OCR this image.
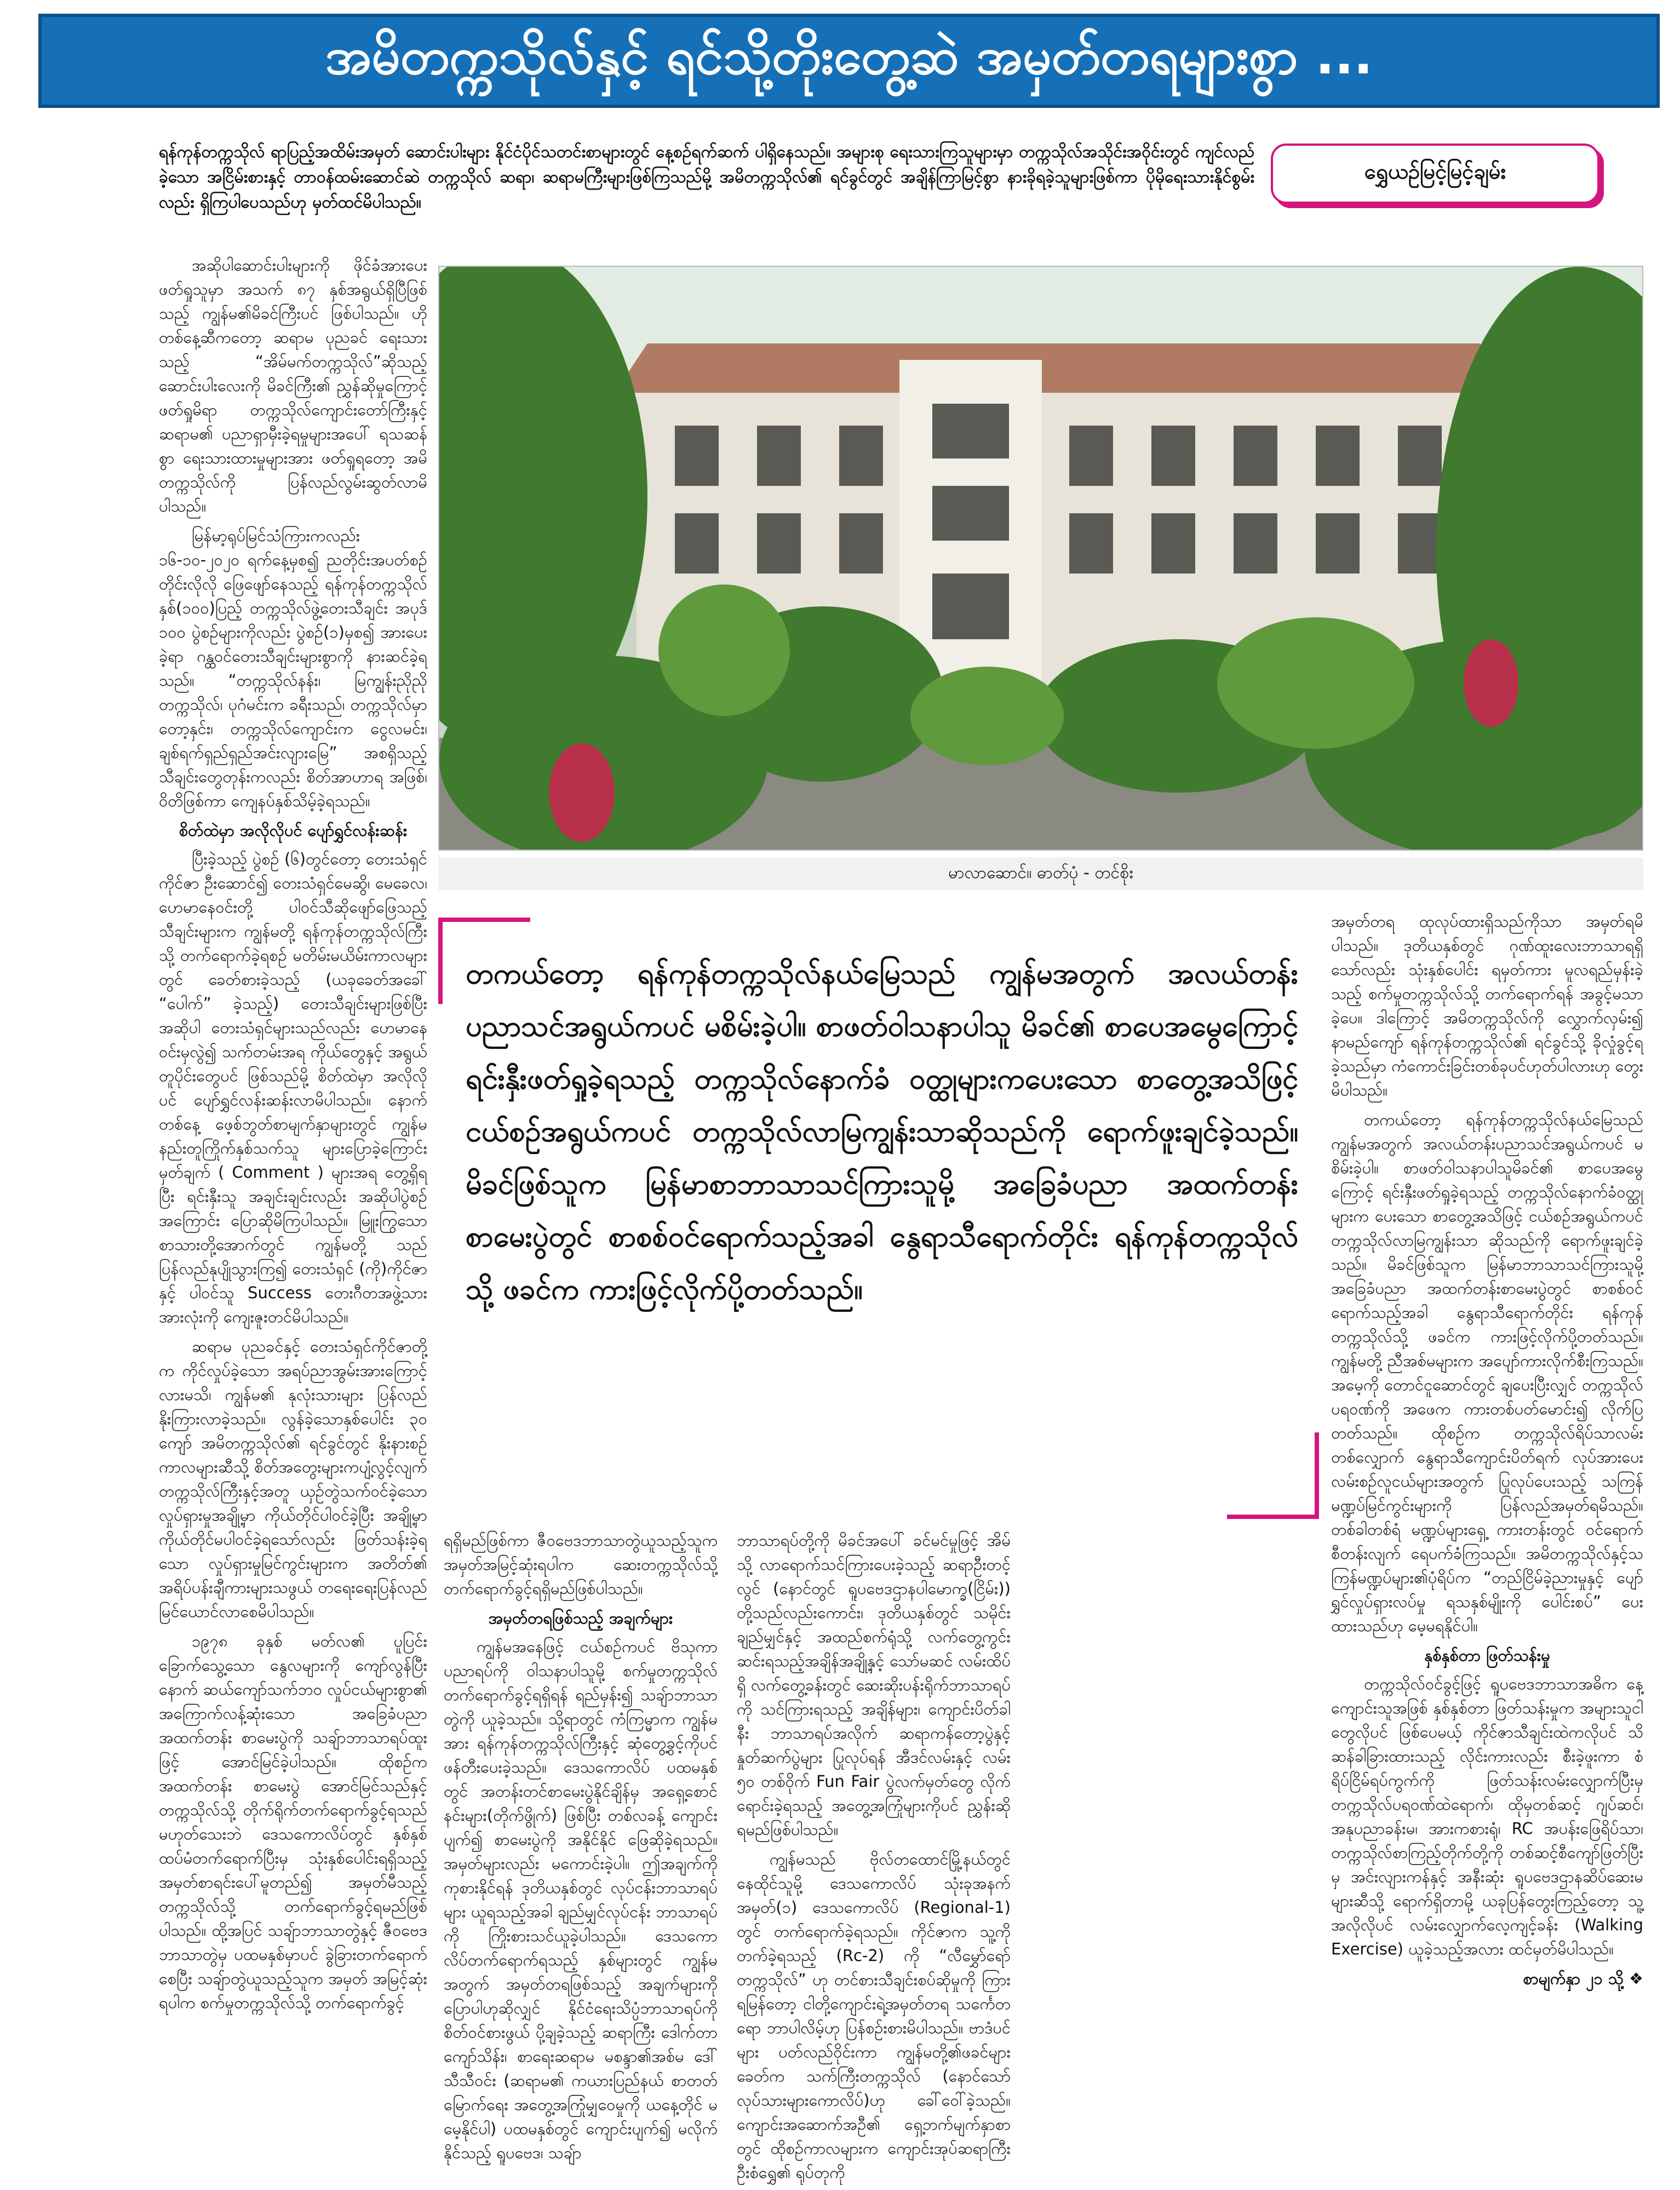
အမိတက္ကသိုလ်နှင့် ရင်သို့တိုးတွေ့ဆဲ အမှတ်တရများစွာ ...
ရန်ကုန်တက္ကသိုလ် ရာပြည့်အထိမ်းအမှတ် ဆောင်းပါးများ နိုင်ငံပိုင်သတင်းစာများတွင် နေ့စဉ်ရက်ဆက် ပါရှိနေသည်။ အများစု ရေးသားကြသူများမှာ တက္ကသိုလ်အသိုင်းအဝိုင်းတွင် ကျင်လည်ခဲ့သော အငြိမ်းစားနှင့် တာဝန်ထမ်းဆောင်ဆဲ တက္ကသိုလ် ဆရာ၊ ဆရာမကြီးများဖြစ်ကြသည်မို့ အမိတက္ကသိုလ်၏ ရင်ခွင်တွင် အချိန်ကြာမြင့်စွာ နားခိုရခဲ့သူများဖြစ်ကာ ပိုမိုရေးသားနိုင်စွမ်းလည်း ရှိကြပါပေသည်ဟု မှတ်ထင်မိပါသည်။
ရွှေယဉ်မြင့်မြင့်ချမ်း

အဆိုပါဆောင်းပါးများကို ဖိုင်ခံအားပေးဖတ်ရှုသူမှာ အသက် ၈၇ နှစ်အရွယ်ရှိပြီဖြစ်သည့် ကျွန်မ၏မိခင်ကြီးပင် ဖြစ်ပါသည်။ ဟိုတစ်နေ့ဆီကတော့ ဆရာမ ပုညခင် ရေးသားသည့် “အိမ်မက်တက္ကသိုလ်”ဆိုသည့် ဆောင်းပါးလေးကို မိခင်ကြီး၏ ညွှန်ဆိုမှုကြောင့် ဖတ်ရှုမိရာ တက္ကသိုလ်ကျောင်းတော်ကြီးနှင့် ဆရာမ၏ ပညာရှာမှီးခဲ့ရမှုများအပေါ် ရသဆန်စွာ ရေးသားထားမှုများအား ဖတ်ရှုရတော့ အမိတက္ကသိုလ်ကို ပြန်လည်လွမ်းဆွတ်လာမိပါသည်။

မြန်မာ့ရုပ်မြင်သံကြားကလည်း ၁၆-၁၀-၂၀၂၀ ရက်နေ့မှစ၍ ညတိုင်းအပတ်စဉ်တိုင်းလိုလို ဖြေဖျော်နေသည့် ရန်ကုန်တက္ကသိုလ်နှစ်(၁၀၀)ပြည့် တက္ကသိုလ်ဖွဲ့တေးသီချင်း အပုဒ် ၁၀၀ ပွဲစဉ်များကိုလည်း ပွဲစဉ်(၁)မှစ၍ အားပေးခဲ့ရာ ဂန္ထဝင်တေးသီချင်းများစွာကို နားဆင်ခဲ့ရသည်။ “တက္ကသိုလ်နန်း၊ မြကျွန်းညိုညိုတက္ကသိုလ်၊ ပုဂံမင်းက ခရီးသည်၊ တက္ကသိုလ်မှာ တော့နှင်း၊ တက္ကသိုလ်ကျောင်းက ငွေလမင်း၊ ချစ်ရက်ရှည်ရှည်အင်းလျားမြေ” အစရှိသည့် သီချင်းတွေတုန်းကလည်း စိတ်အာဟာရ အဖြစ်၊ ဝိတိဖြစ်ကာ ကျေနပ်နှစ်သိမ့်ခဲ့ရသည်။

စိတ်ထဲမှာ အလိုလိုပင် ပျော်ရွှင်လန်းဆန်း

ပြီးခဲ့သည့် ပွဲစဉ် (၆)တွင်တော့ တေးသံရှင်ကိုင်ဇာ ဦးဆောင်၍ တေးသံရှင်မေဆွိ၊ မေခေလ၊ ဟေမာနေဝင်းတို့ ပါဝင်သီဆိုဖျော်ဖြေသည့် သီချင်းများက ကျွန်မတို့ ရန်ကုန်တက္ကသိုလ်ကြီးသို့ တက်ရောက်ခဲ့ရစဉ် မတိမ်းမယိမ်းကာလများတွင် ခေတ်စားခဲ့သည့် (ယခုခေတ်အခေါ် “ပေါက်” ခဲ့သည့်) တေးသီချင်းများဖြစ်ပြီး အဆိုပါ တေးသံရှင်များသည်လည်း ဟေမာနေဝင်းမှလွဲ၍ သက်တမ်းအရ ကိုယ်တွေနှင့် အရွယ်တူပိုင်းတွေပင် ဖြစ်သည်မို့ စိတ်ထဲမှာ အလိုလိုပင် ပျော်ရွှင်လန်းဆန်းလာမိပါသည်။ နောက်တစ်နေ့ ဖေ့စ်ဘွတ်စာမျက်နှာများတွင် ကျွန်မနည်းတူကြိုက်နှစ်သက်သူ များပြောခဲ့ကြောင်း မှတ်ချက် ( Comment ) များအရ တွေ့ရှိရပြီး ရင်းနှီးသူ အချင်းချင်းလည်း အဆိုပါပွဲစဉ်အကြောင်း ပြောဆိုမိကြပါသည်။ မြူးကြွသောစာသားတို့အောက်တွင် ကျွန်မတို့ သည် ပြန်လည်နုပျိုသွားကြ၍ တေးသံရှင် (ကို)ကိုင်ဇာနှင့် ပါဝင်သူ Success တေးဂီတအဖွဲ့သားအားလုံးကို ကျေးဇူးတင်မိပါသည်။

ဆရာမ ပုညခင်နှင့် တေးသံရှင်ကိုင်ဇာတို့က ကိုင်လှုပ်ခဲ့သော အရပ်ညာအွမ်းအားကြောင့်လားမသိ၊ ကျွန်မ၏ နုလုံးသားများ ပြန်လည်နိုးကြားလာခဲ့သည်။ လွန်ခဲ့သောနှစ်ပေါင်း ၃၀ ကျော် အမိတက္ကသိုလ်၏ ရင်ခွင်တွင် နိုးနားစဉ်ကာလများဆီသို့ စိတ်အတွေးများကပျံ့လွင့်လျက် တက္ကသိုလ်ကြီးနှင့်အတူ ယှဉ်တွဲသက်ဝင်ခဲ့သော လှုပ်ရှားမှုအချို့မှာ ကိုယ်တိုင်ပါဝင်ခဲ့ပြီး အချို့မှာ ကိုယ်တိုင်မပါဝင်ခဲ့ရသော်လည်း ဖြတ်သန်းခဲ့ရသော လှုပ်ရှားမှုမြင်ကွင်းများက အတိတ်၏ အရိပ်ပန်းချီကားများသဖွယ် တရေးရေးပြန်လည်မြင်ယောင်လာစေမိပါသည်။

၁၉၇၈ ခုနှစ် မတ်လ၏ ပူပြင်းခြောက်သွေ့သော နွေလများကို ကျော်လွန်ပြီးနောက် ဆယ်ကျော်သက်ဘဝ လှုပ်ငယ်များစွာ၏ အကြောက်လန့်ဆုံးသော အခြေခံပညာ အထက်တန်း စာမေးပွဲကို သချ်ာဘာသာရပ်ထူးဖြင့် အောင်မြင်ခဲ့ပါသည်။ ထိုစဉ်က အထက်တန်း စာမေးပွဲ အောင်မြင်သည်နှင့် တက္ကသိုလ်သို့ တိုက်ရိုက်တက်ရောက်ခွင့်ရသည် မဟုတ်သေးဘဲ ဒေသကောလိပ်တွင် နှစ်နှစ်ထပ်မံတက်ရောက်ပြီးမှ သုံးနှစ်ပေါင်းရရှိသည့် အမှတ်စာရင်းပေါ်မူတည်၍ အမှတ်မီသည့် တက္ကသိုလ်သို့ တက်ရောက်ခွင့်ရမည်ဖြစ်ပါသည်။ ထို့အပြင် သချ်ာဘာသာတွဲနှင့် ဇီဝဗေဒဘာသာတွဲမှ ပထမနှစ်မှာပင် ခွဲခြားတက်ရောက်စေပြီး သချ်ာတွဲယူသည့်သူက အမှတ် အမြင့်ဆုံးရပါက စက်မှုတက္ကသိုလ်သို့ တက်ရောက်ခွင့်

မာလာဆောင်။ ဓာတ်ပုံ - တင်စိုး
တကယ်တော့ ရန်ကုန်တက္ကသိုလ်နယ်မြေသည် ကျွန်မအတွက် အလယ်တန်းပညာသင်အရွယ်ကပင် မစိမ်းခဲ့ပါ။ စာဖတ်ဝါသနာပါသူ မိခင်၏ စာပေအမွေကြောင့် ရင်းနှီးဖတ်ရှုခဲ့ရသည့် တက္ကသိုလ်နောက်ခံ ဝတ္ထုများကပေးသော စာတွေ့အသိဖြင့် ငယ်စဉ်အရွယ်ကပင် တက္ကသိုလ်လာမြကျွန်းသာဆိုသည်ကို ရောက်ဖူးချင်ခဲ့သည်။ မိခင်ဖြစ်သူက မြန်မာစာဘာသာသင်ကြားသူမို့ အခြေခံပညာ အထက်တန်း စာမေးပွဲတွင် စာစစ်ဝင်ရောက်သည့်အခါ နွေရာသီရောက်တိုင်း ရန်ကုန်တက္ကသိုလ်သို့ ဖခင်က ကားဖြင့်လိုက်ပို့တတ်သည်။

ရရှိမည်ဖြစ်ကာ ဇီဝဗေဒဘာသာတွဲယူသည့်သူက အမှတ်အမြင့်ဆုံးရပါက ဆေးတက္ကသိုလ်သို့ တက်ရောက်ခွင့်ရရှိမည်ဖြစ်ပါသည်။

အမှတ်တရဖြစ်သည့် အချက်များ

ကျွန်မအနေဖြင့် ငယ်စဉ်ကပင် ဗိသုကာပညာရပ်ကို ဝါသနာပါသူမို့ စက်မှုတက္ကသိုလ် တက်ရောက်ခွင့်ရရှိရန် ရည်မှန်း၍ သချ်ာဘာသာတွဲကို ယူခဲ့သည်။ သို့ရာတွင် ကံကြမ္မာက ကျွန်မအား ရန်ကုန်တက္ကသိုလ်ကြီးနှင့် ဆုံတွေ့ခွင့်ကိုပင် ဖန်တီးပေးခဲ့သည်။ ဒေသကောလိပ် ပထမနှစ်တွင် အတန်းတင်စာမေးပွဲနိုင်ချိန်မှ အရှေ့စောင်နင်းများ(တိုက်ဖွိုက်) ဖြစ်ပြီး တစ်လခန့် ကျောင်းပျက်၍ စာမေးပွဲကို အနိုင်နိုင် ဖြေဆိုခဲ့ရသည်။ အမှတ်များလည်း မကောင်းခဲ့ပါ။ ဤအချက်ကို ကုစားနိုင်ရန် ဒုတိယနှစ်တွင် လုပ်ငန်းဘာသာရပ်များ ယူရသည့်အခါ ချည်မျှင်လုပ်ငန်း ဘာသာရပ်ကို ကြိုးစားသင်ယူခဲ့ပါသည်။ ဒေသကောလိပ်တက်ရောက်ရသည့် နှစ်များတွင် ကျွန်မအတွက် အမှတ်တရဖြစ်သည့် အချက်များကို ပြောပါဟုဆိုလျှင် နိုင်ငံရေးသိပ္ပံဘာသာရပ်ကို စိတ်ဝင်စားဖွယ် ပို့ချခဲ့သည့် ဆရာကြီး ဒေါက်တာ ကျော်သိန်း၊ စာရေးဆရာမ မစန္ဒာ၏အစ်မ ဒေါ်သီသီဝင်း (ဆရာမ၏ ကယားပြည်နယ် စာတတ်မြောက်ရေး အတွေ့အကြုံမျှဝေမှုကို ယနေ့တိုင် မမေ့နိုင်ပါ) ပထမနှစ်တွင် ကျောင်းပျက်၍ မလိုက်နိုင်သည့် ရူပဗေဒ၊ သချ်ာ

ဘာသာရပ်တို့ကို မိခင်အပေါ် ခင်မင်မှုဖြင့် အိမ်သို့ လာရောက်သင်ကြားပေးခဲ့သည့် ဆရာဦးတင့်လွင် (နောင်တွင် ရူပဗေဒဌာနပါမောက္ခ(ငြိမ်း)) တို့သည်လည်းကောင်း၊ ဒုတိယနှစ်တွင် သမိုင်းချည်မျှင်နှင့် အထည်စက်ရုံသို့ လက်တွေ့ကွင်းဆင်းရသည့်အချိန်အချို့နှင့် သော်မဆင် လမ်းထိပ်ရှိ လက်တွေ့ခန်းတွင် ဆေးဆိုးပန်းရိုက်ဘာသာရပ်ကို သင်ကြားရသည့် အချိန်များ၊ ကျောင်းပိတ်ခါနီး ဘာသာရပ်အလိုက် ဆရာကန်တော့ပွဲနှင့် နှုတ်ဆက်ပွဲများ ပြုလုပ်ရန် အီဒင်လမ်းနှင့် လမ်း ၅၀ တစ်ဝိုက် Fun Fair ပွဲလက်မှတ်တွေ လိုက်ရောင်းခဲ့ရသည့် အတွေ့အကြုံများကိုပင် ညွှန်းဆိုရမည်ဖြစ်ပါသည်။

ကျွန်မသည် ဗိုလ်တထောင်မြို့နယ်တွင် နေထိုင်သူမို့ ဒေသကောလိပ် သုံးခုအနက် အမှတ်(၁) ဒေသကောလိပ် (Regional-1) တွင် တက်ရောက်ခဲ့ရသည်။ ကိုင်ဇာက သူ့ကိုတက်ခဲ့ရသည့် (Rc-2) ကို “လီမွှော်ရော်တက္ကသိုလ်” ဟု တင်စားသီချင်းစပ်ဆိုမှုကို ကြားရမြန်တော့ ငါတို့ကျောင်းရဲ့အမှတ်တရ သင်္ကေတရော ဘာပါလိမ့်ဟု ပြန်စဉ်းစားမိပါသည်။ ဗာဒံပင်များ ပတ်လည်ဝိုင်းကာ ကျွန်မတို့၏ဖခင်များခေတ်က သက်ကြီးတက္ကသိုလ် (နောင်သော် လုပ်သားများကောလိပ်)ဟု ခေါ်ဝေါ်ခဲ့သည်။ ကျောင်းအဆောက်အဦ၏ ရှေ့ဘက်မျက်နှာစာတွင် ထိုစဉ်ကာလများက ကျောင်းအုပ်ဆရာကြီး ဦးစံရွှေ၏ ရုပ်တုကို

အမှတ်တရ ထုလုပ်ထားရှိသည်ကိုသာ အမှတ်ရမိပါသည်။ ဒုတိယနှစ်တွင် ဂုဏ်ထူးလေးဘာသာရရှိသော်လည်း သုံးနှစ်ပေါင်း ရမှတ်ကား မူလရည်မှန်းခဲ့သည့် စက်မှုတက္ကသိုလ်သို့ တက်ရောက်ရန် အခွင့်မသာခဲ့ပေ။ ဒါကြောင့် အမိတက္ကသိုလ်ကို လွှောက်လှမ်း၍ နာမည်ကျော် ရန်ကုန်တက္ကသိုလ်၏ ရင်ခွင်သို့ ခိုလှုံခွင့်ရခဲ့သည်မှာ ကံကောင်းခြင်းတစ်ခုပင်ဟုတ်ပါလားဟု တွေးမိပါသည်။

တကယ်တော့ ရန်ကုန်တက္ကသိုလ်နယ်မြေသည် ကျွန်မအတွက် အလယ်တန်းပညာသင်အရွယ်ကပင် မစိမ်းခဲ့ပါ။ စာဖတ်ဝါသနာပါသူမိခင်၏ စာပေအမွေကြောင့် ရင်းနှီးဖတ်ရှုခဲ့ရသည့် တက္ကသိုလ်နောက်ခံဝတ္ထုများက ပေးသော စာတွေ့အသိဖြင့် ငယ်စဉ်အရွယ်ကပင် တက္ကသိုလ်လာမြကျွန်းသာ ဆိုသည်ကို ရောက်ဖူးချင်ခဲ့သည်။ မိခင်ဖြစ်သူက မြန်မာဘာသာသင်ကြားသူမို့ အခြေခံပညာ အထက်တန်းစာမေးပွဲတွင် စာစစ်ဝင်ရောက်သည့်အခါ နွေရာသီရောက်တိုင်း ရန်ကုန်တက္ကသိုလ်သို့ ဖခင်က ကားဖြင့်လိုက်ပို့တတ်သည်။ ကျွန်မတို့ ညီအစ်မများက အပျော်ကားလိုက်စီးကြသည်။ အမေ့ကို တောင်ငူဆောင်တွင် ချပေးပြီးလျှင် တက္ကသိုလ်ပရဝဏ်ကို အဖေက ကားတစ်ပတ်မောင်း၍ လိုက်ပြတတ်သည်။ ထိုစဉ်က တက္ကသိုလ်ရိပ်သာလမ်းတစ်လျှောက် နွေရာသီကျောင်းပိတ်ရက် လုပ်အားပေး လမ်းစဉ်လူငယ်များအတွက် ပြုလုပ်ပေးသည့် သကြန်မဏ္ဍပ်မြင်ကွင်းများကို ပြန်လည်အမှတ်ရမိသည်။ တစ်ခါတစ်ရံ မဏ္ဍပ်များရှေ့ ကားတန်းတွင် ဝင်ရောက်စီတန်းလျက် ရေပက်ခံကြသည်။ အမိတက္ကသိုလ်နှင့်သကြန်မဏ္ဍပ်များ၏ပုံရိပ်က “တည်ငြိမ်ခဲ့ညားမှုနှင့် ပျော်ရွှင်လှုပ်ရှားလပ်မှု ရသနှစ်မျိုးကို ပေါင်းစပ်” ပေးထားသည်ဟု မေ့မရနိုင်ပါ။

နှစ်နှစ်တာ ဖြတ်သန်းမှု

တက္ကသိုလ်ဝင်ခွင့်ဖြင့် ရူပဗေဒဘာသာအဓိက နေ့ကျောင်းသူအဖြစ် နှစ်နှစ်တာ ဖြတ်သန်းမှုက အများသူငါတွေလိုပင် ဖြစ်ပေမယ့် ကိုင်ဇာသီချင်းထဲကလိုပင် သိဆန်ခါခြားထားသည့် လိုင်းကားလည်း စီးခဲ့ဖူးကာ စံရိပ်ငြိမ်ရပ်ကွက်ကို ဖြတ်သန်းလမ်းလျှောက်ပြီးမှ တက္ကသိုလ်ပရဝဏ်ထဲရောက်၊ ထိုမှတစ်ဆင့် ဂျပ်ဆင်၊ အနုပညာခန်းမ၊ အားကစားရုံ၊ RC အပန်းဖြေရိပ်သာ၊ တက္ကသိုလ်စာကြည့်တိုက်တို့ကို တစ်ဆင့်စီကျော်ဖြတ်ပြီးမှ အင်းလျားကန်နှင့် အနီးဆုံး ရူပဗေဒဌာနဆိပ်ဆေးမများဆီသို့ ရောက်ရှိတာမို့ ယခုပြန်တွေးကြည့်တော့ သူ့အလိုလိုပင် လမ်းလျှောက်လေ့ကျင့်ခန်း (Walking Exercise) ယူခဲ့သည့်အလား ထင်မှတ်မိပါသည်။

စာမျက်နှာ ၂၁ သို့ ❖
